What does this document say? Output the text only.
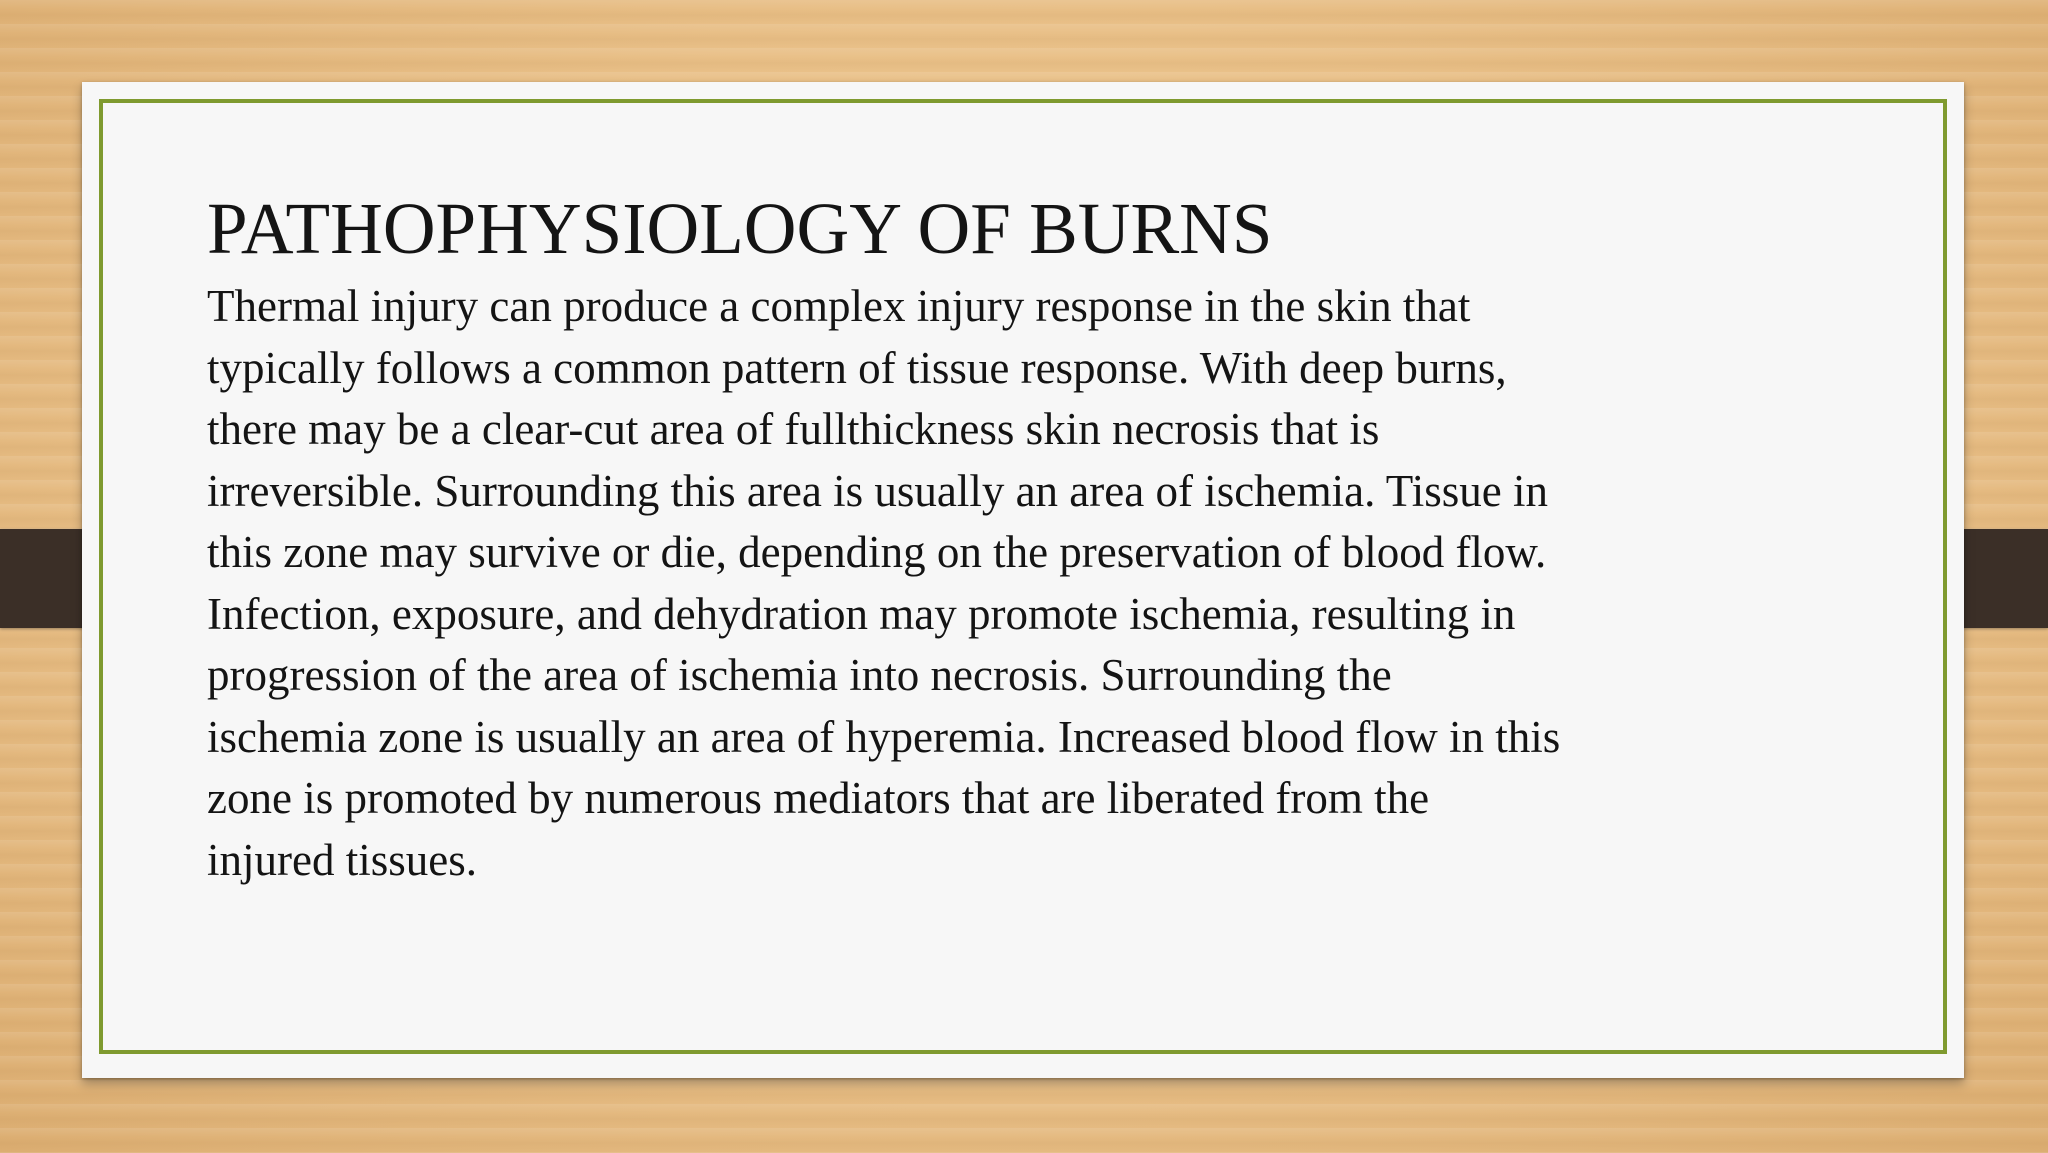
PATHOPHYSIOLOGY OF BURNS
Thermal injury can produce a complex injury response in the skin that
typically follows a common pattern of tissue response. With deep burns,
there may be a clear-cut area of fullthickness skin necrosis that is
irreversible. Surrounding this area is usually an area of ischemia. Tissue in
this zone may survive or die, depending on the preservation of blood flow.
Infection, exposure, and dehydration may promote ischemia, resulting in
progression of the area of ischemia into necrosis. Surrounding the
ischemia zone is usually an area of hyperemia. Increased blood flow in this
zone is promoted by numerous mediators that are liberated from the
injured tissues.
